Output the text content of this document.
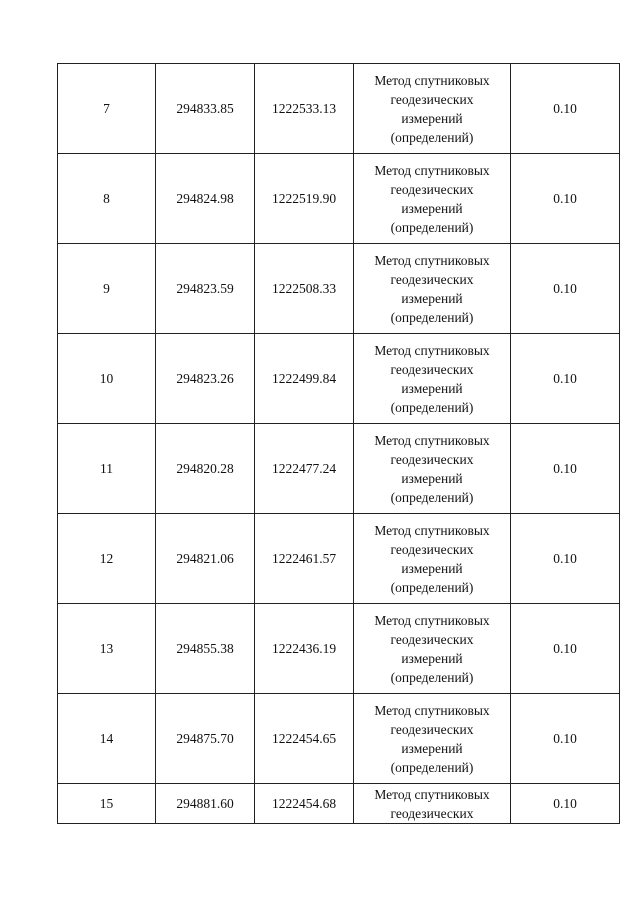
7	294833.85	1222533.13	Метод спутниковых
геодезических
измерений
(определений)	0.10
8	294824.98	1222519.90	Метод спутниковых
геодезических
измерений
(определений)	0.10
9	294823.59	1222508.33	Метод спутниковых
геодезических
измерений
(определений)	0.10
10	294823.26	1222499.84	Метод спутниковых
геодезических
измерений
(определений)	0.10
11	294820.28	1222477.24	Метод спутниковых
геодезических
измерений
(определений)	0.10
12	294821.06	1222461.57	Метод спутниковых
геодезических
измерений
(определений)	0.10
13	294855.38	1222436.19	Метод спутниковых
геодезических
измерений
(определений)	0.10
14	294875.70	1222454.65	Метод спутниковых
геодезических
измерений
(определений)	0.10
15	294881.60	1222454.68	Метод спутниковых
геодезических	0.10
